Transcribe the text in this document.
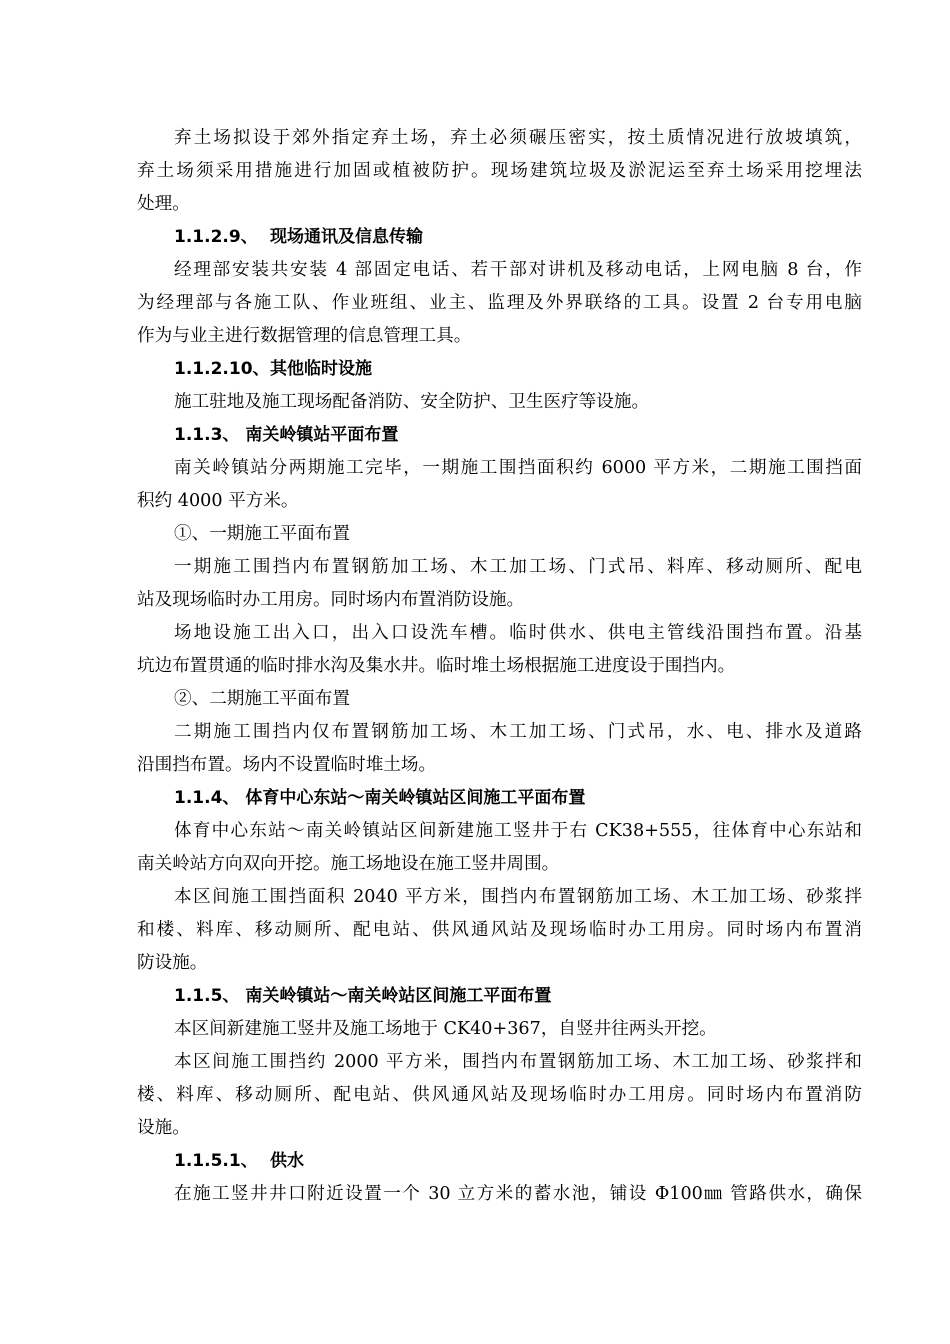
弃土场拟设于郊外指定弃土场，弃土必须碾压密实，按土质情况进行放坡填筑，
弃土场须采用措施进行加固或植被防护。现场建筑垃圾及淤泥运至弃土场采用挖埋法
处理。
1.1.2.9、 现场通讯及信息传输
经理部安装共安装 4 部固定电话、若干部对讲机及移动电话，上网电脑 8 台，作
为经理部与各施工队、作业班组、业主、监理及外界联络的工具。设置 2 台专用电脑
作为与业主进行数据管理的信息管理工具。
1.1.2.10、其他临时设施
施工驻地及施工现场配备消防、安全防护、卫生医疗等设施。
1.1.3、 南关岭镇站平面布置
南关岭镇站分两期施工完毕，一期施工围挡面积约 6000 平方米，二期施工围挡面
积约 4000 平方米。
①、一期施工平面布置
一期施工围挡内布置钢筋加工场、木工加工场、门式吊、料库、移动厕所、配电
站及现场临时办工用房。同时场内布置消防设施。
场地设施工出入口，出入口设洗车槽。临时供水、供电主管线沿围挡布置。沿基
坑边布置贯通的临时排水沟及集水井。临时堆土场根据施工进度设于围挡内。
②、二期施工平面布置
二期施工围挡内仅布置钢筋加工场、木工加工场、门式吊，水、电、排水及道路
沿围挡布置。场内不设置临时堆土场。
1.1.4、 体育中心东站～南关岭镇站区间施工平面布置
体育中心东站～南关岭镇站区间新建施工竖井于右 CK38+555，往体育中心东站和
南关岭站方向双向开挖。施工场地设在施工竖井周围。
本区间施工围挡面积 2040 平方米，围挡内布置钢筋加工场、木工加工场、砂浆拌
和楼、料库、移动厕所、配电站、供风通风站及现场临时办工用房。同时场内布置消
防设施。
1.1.5、 南关岭镇站～南关岭站区间施工平面布置
本区间新建施工竖井及施工场地于 CK40+367，自竖井往两头开挖。
本区间施工围挡约 2000 平方米，围挡内布置钢筋加工场、木工加工场、砂浆拌和
楼、料库、移动厕所、配电站、供风通风站及现场临时办工用房。同时场内布置消防
设施。
1.1.5.1、 供水
在施工竖井井口附近设置一个 30 立方米的蓄水池，铺设 Φ100㎜ 管路供水，确保
